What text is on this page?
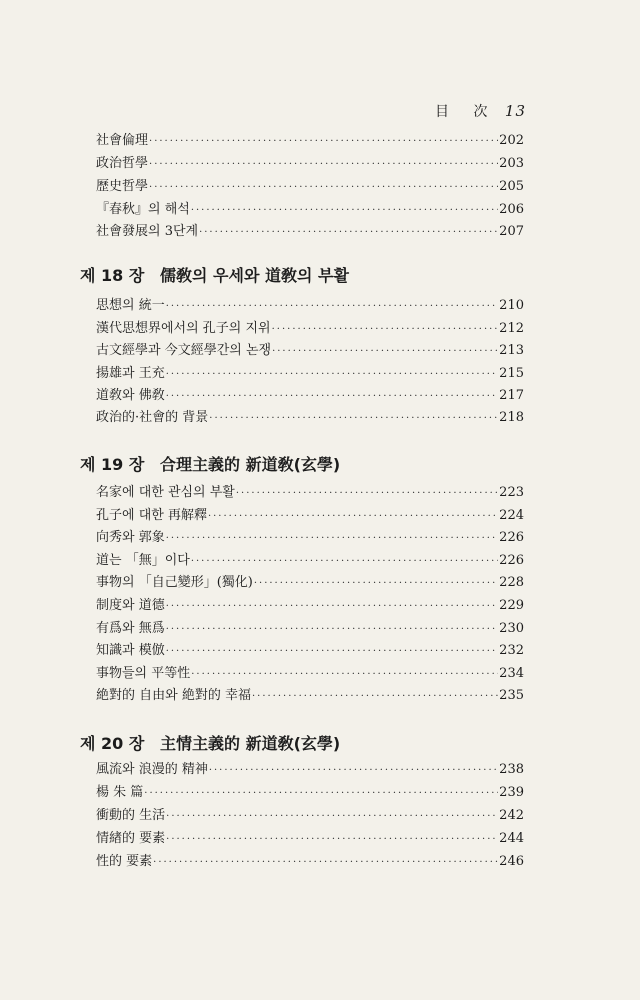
目 次 13
社會倫理 ·····	202
政治哲學 ·····	203
歷史哲學 ·····	205
『春秋』의 해석 ·····	206
社會發展의 3단계 ·····	207
제 18 장 儒敎의 우세와 道敎의 부활
思想의 統一 ·····	210
漢代思想界에서의 孔子의 지위 ·····	212
古文經學과 今文經學간의 논쟁 ·····	213
揚雄과 王充 ·····	215
道敎와 佛敎 ·····	217
政治的·社會的 背景 ·····	218
제 19 장 合理主義的 新道敎(玄學)
名家에 대한 관심의 부활 ·····	223
孔子에 대한 再解釋 ·····	224
向秀와 郭象 ·····	226
道는 「無」이다 ·····	226
事物의 「自己變形」(獨化) ·····	228
制度와 道德 ·····	229
有爲와 無爲 ·····	230
知識과 模倣 ·····	232
事物들의 平等性 ·····	234
絶對的 自由와 絶對的 幸福 ·····	235
제 20 장 主情主義的 新道敎(玄學)
風流와 浪漫的 精神 ·····	238
楊 朱 篇 ·····	239
衝動的 生活 ·····	242
情緖的 要素 ·····	244
性的 要素 ·····	246
